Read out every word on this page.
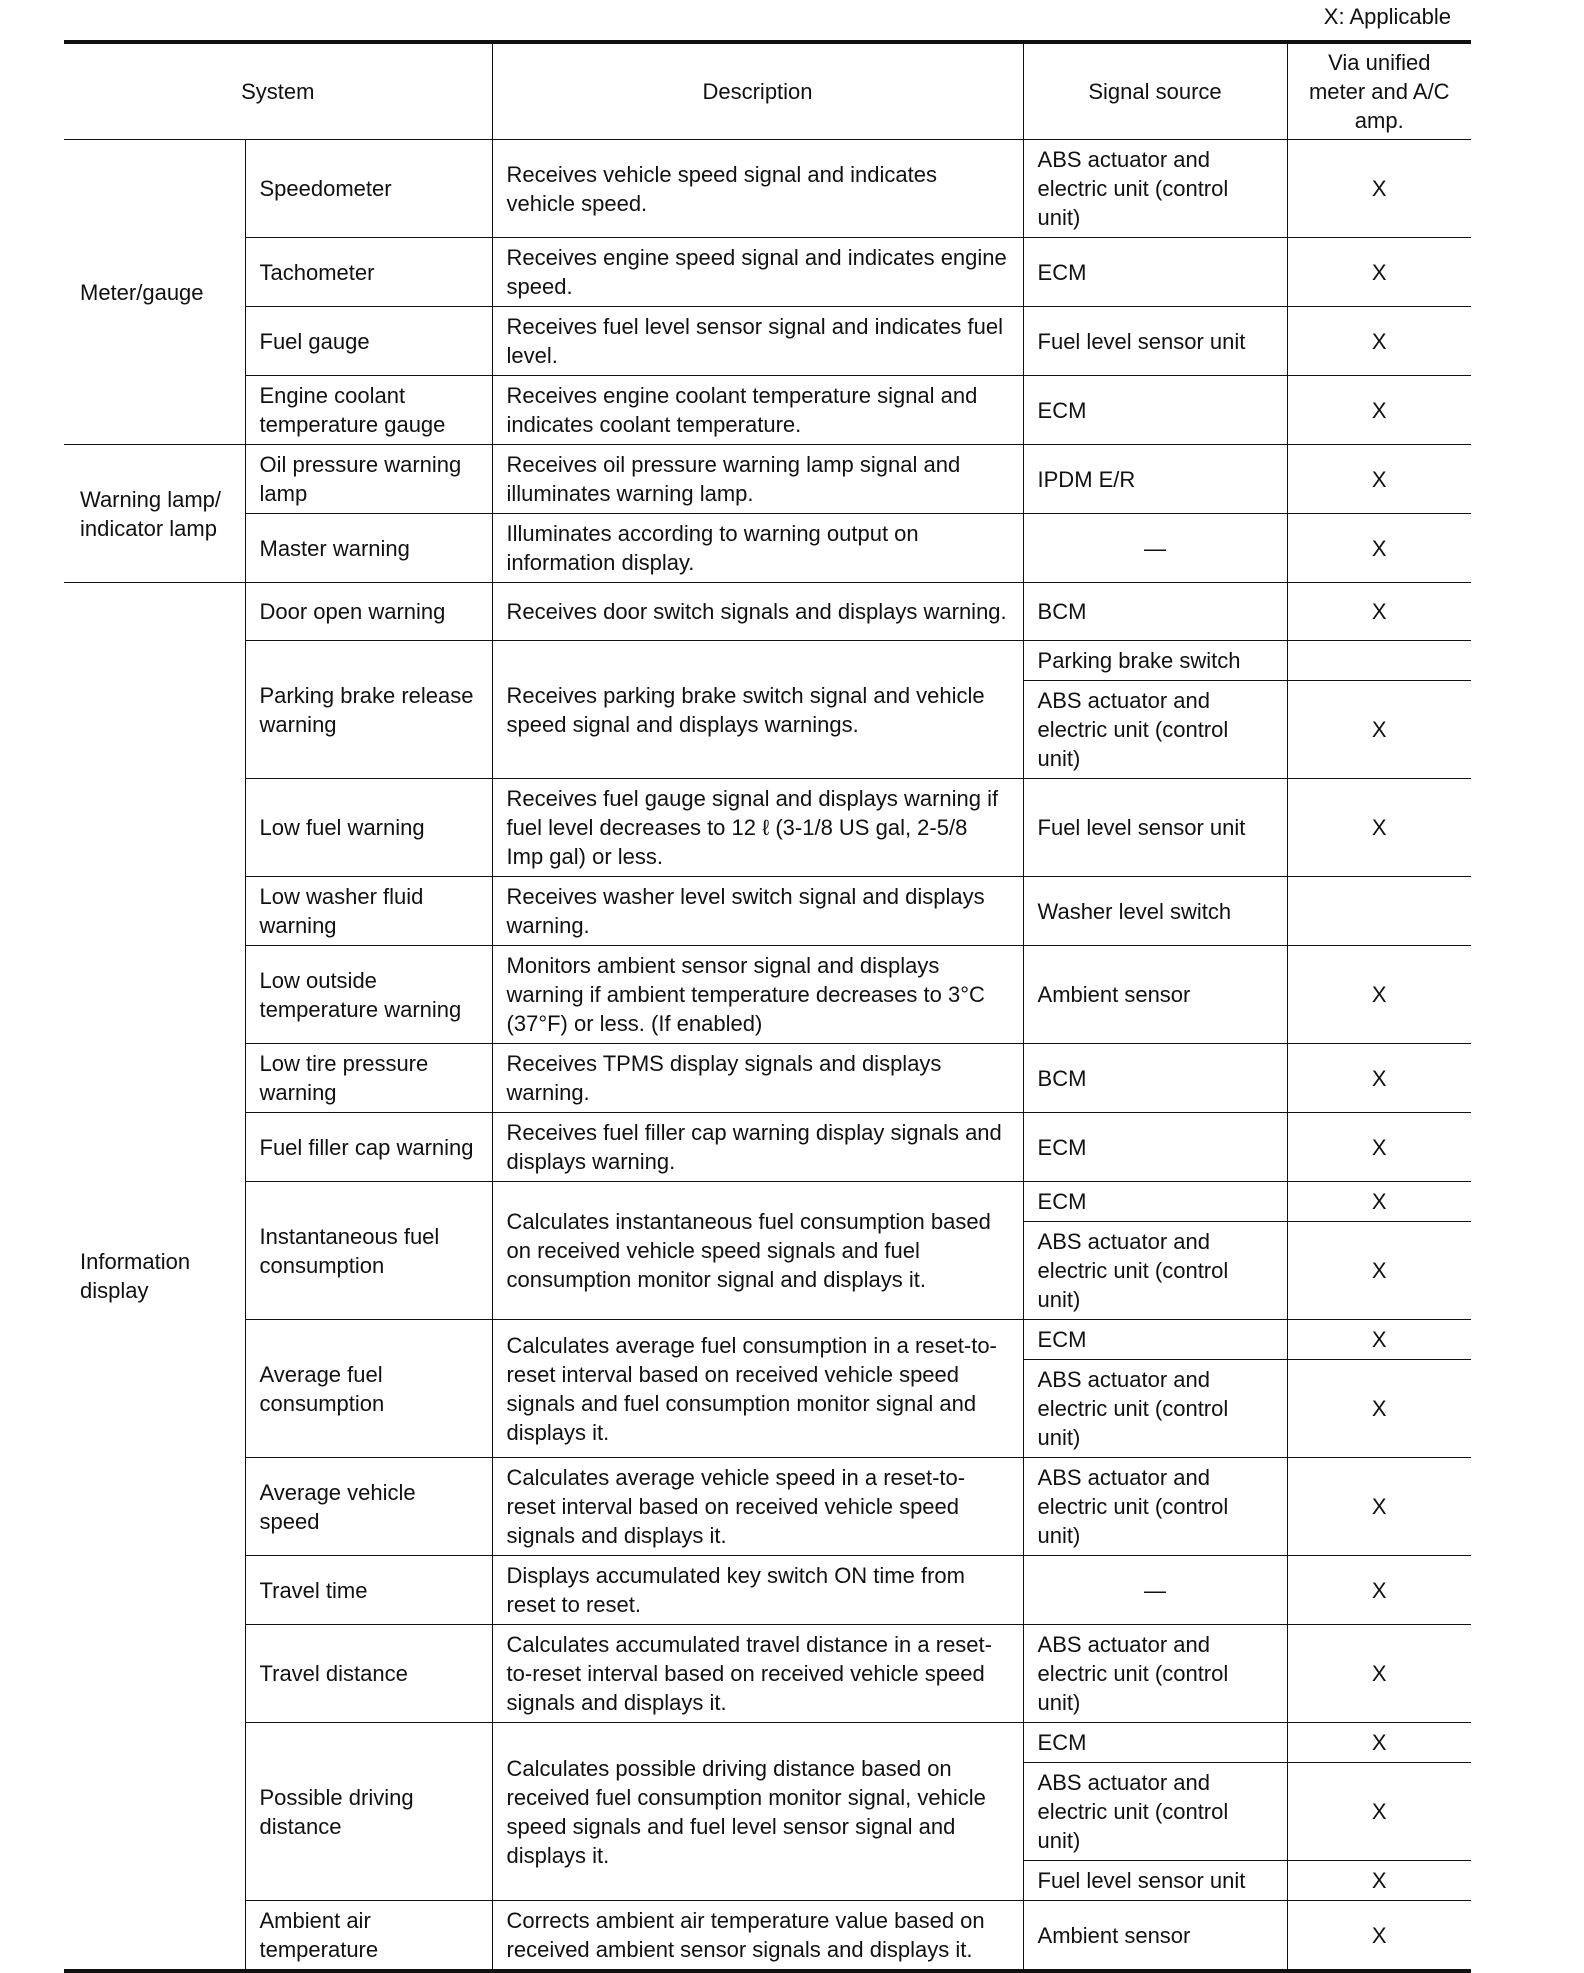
X: Applicable
System		Description	Signal source	Via unified meter and A/C amp.
Meter/gauge	Speedometer	Receives vehicle speed signal and indicates vehicle speed.	ABS actuator and electric unit (control unit)	X
	Tachometer	Receives engine speed signal and indicates engine speed.	ECM	X
	Fuel gauge	Receives fuel level sensor signal and indicates fuel level.	Fuel level sensor unit	X
	Engine coolant temperature gauge	Receives engine coolant temperature signal and indicates coolant temperature.	ECM	X
Warning lamp/ indicator lamp	Oil pressure warning lamp	Receives oil pressure warning lamp signal and illuminates warning lamp.	IPDM E/R	X
	Master warning	Illuminates according to warning output on information display.	—	X
Information display	Door open warning	Receives door switch signals and displays warning.	BCM	X
	Parking brake release warning	Receives parking brake switch signal and vehicle speed signal and displays warnings.	Parking brake switch	
			ABS actuator and electric unit (control unit)	X
	Low fuel warning	Receives fuel gauge signal and displays warning if fuel level decreases to 12 ℓ (3-1/8 US gal, 2-5/8 Imp gal) or less.	Fuel level sensor unit	X
	Low washer fluid warning	Receives washer level switch signal and displays warning.	Washer level switch	
	Low outside temperature warning	Monitors ambient sensor signal and displays warning if ambient temperature decreases to 3°C (37°F) or less. (If enabled)	Ambient sensor	X
	Low tire pressure warning	Receives TPMS display signals and displays warning.	BCM	X
	Fuel filler cap warning	Receives fuel filler cap warning display signals and displays warning.	ECM	X
	Instantaneous fuel consumption	Calculates instantaneous fuel consumption based on received vehicle speed signals and fuel consumption monitor signal and displays it.	ECM	X
			ABS actuator and electric unit (control unit)	X
	Average fuel consumption	Calculates average fuel consumption in a reset-to-reset interval based on received vehicle speed signals and fuel consumption monitor signal and displays it.	ECM	X
			ABS actuator and electric unit (control unit)	X
	Average vehicle speed	Calculates average vehicle speed in a reset-to-reset interval based on received vehicle speed signals and displays it.	ABS actuator and electric unit (control unit)	X
	Travel time	Displays accumulated key switch ON time from reset to reset.	—	X
	Travel distance	Calculates accumulated travel distance in a reset-to-reset interval based on received vehicle speed signals and displays it.	ABS actuator and electric unit (control unit)	X
	Possible driving distance	Calculates possible driving distance based on received fuel consumption monitor signal, vehicle speed signals and fuel level sensor signal and displays it.	ECM	X
			ABS actuator and electric unit (control unit)	X
			Fuel level sensor unit	X
	Ambient air temperature	Corrects ambient air temperature value based on received ambient sensor signals and displays it.	Ambient sensor	X
